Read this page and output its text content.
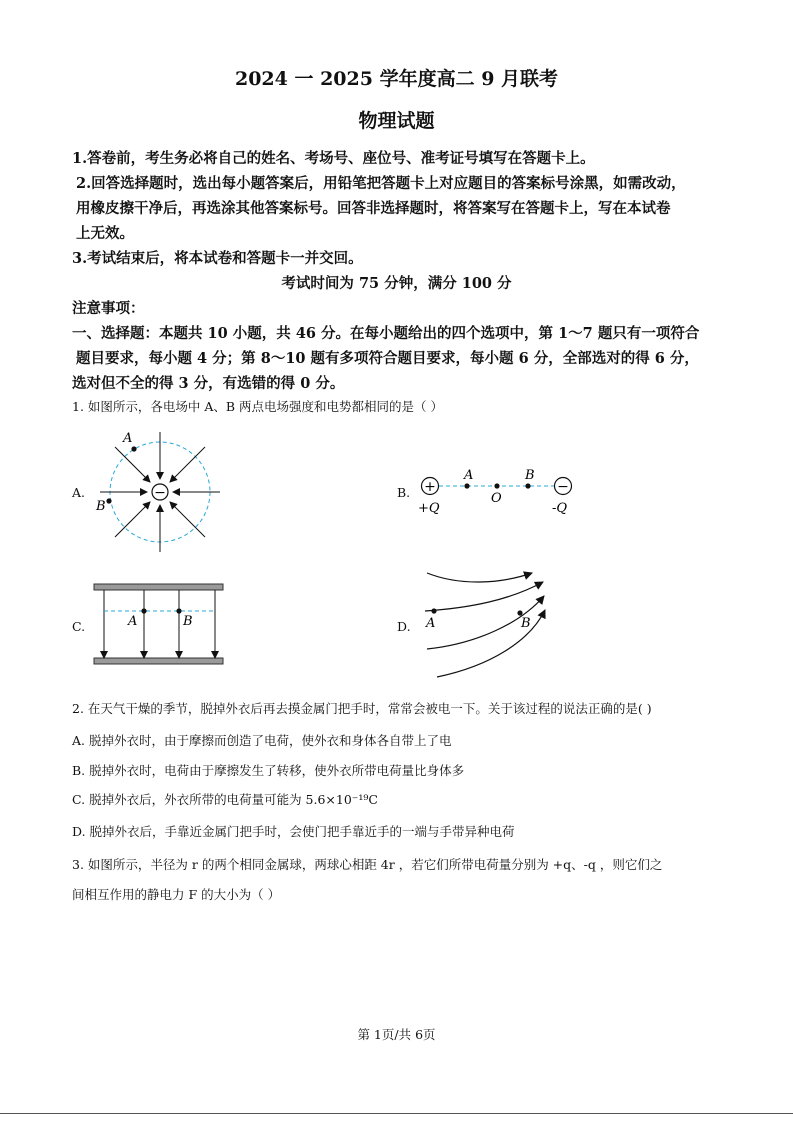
2024 一 2025 学年度高二 9 月联考
物理试题
1.答卷前，考生务必将自己的姓名、考场号、座位号、准考证号填写在答题卡上。
2.回答选择题时，选出每小题答案后，用铅笔把答题卡上对应题目的答案标号涂黑，如需改动，
用橡皮擦干净后，再选涂其他答案标号。回答非选择题时，将答案写在答题卡上，写在本试卷
上无效。
3.考试结束后，将本试卷和答题卡一并交回。
考试时间为 75 分钟，满分 100 分
注意事项：
一、选择题：本题共 10 小题，共 46 分。在每小题给出的四个选项中，第 1～7 题只有一项符合
题目要求，每小题 4 分；第 8～10 题有多项符合题目要求，每小题 6 分，全部选对的得 6 分，
选对但不全的得 3 分，有选错的得 0 分。
1. 如图所示，各电场中 A、B 两点电场强度和电势都相同的是（ ）
A.	B.
C.	D.
−
A
B
+	−
A
O
B
+Q	-Q
A	B	A	B
2. 在天气干燥的季节，脱掉外衣后再去摸金属门把手时，常常会被电一下。关于该过程的说法正确的是( )
A. 脱掉外衣时，由于摩擦而创造了电荷，使外衣和身体各自带上了电
B. 脱掉外衣时，电荷由于摩擦发生了转移，使外衣所带电荷量比身体多
C. 脱掉外衣后，外衣所带的电荷量可能为 5.6×10⁻¹⁹C
D. 脱掉外衣后，手靠近金属门把手时，会使门把手靠近手的一端与手带异种电荷
3. 如图所示，半径为 r 的两个相同金属球，两球心相距 4r ，若它们所带电荷量分别为 +q、-q ，则它们之
间相互作用的静电力 F 的大小为（ ）
第 1页/共 6页
